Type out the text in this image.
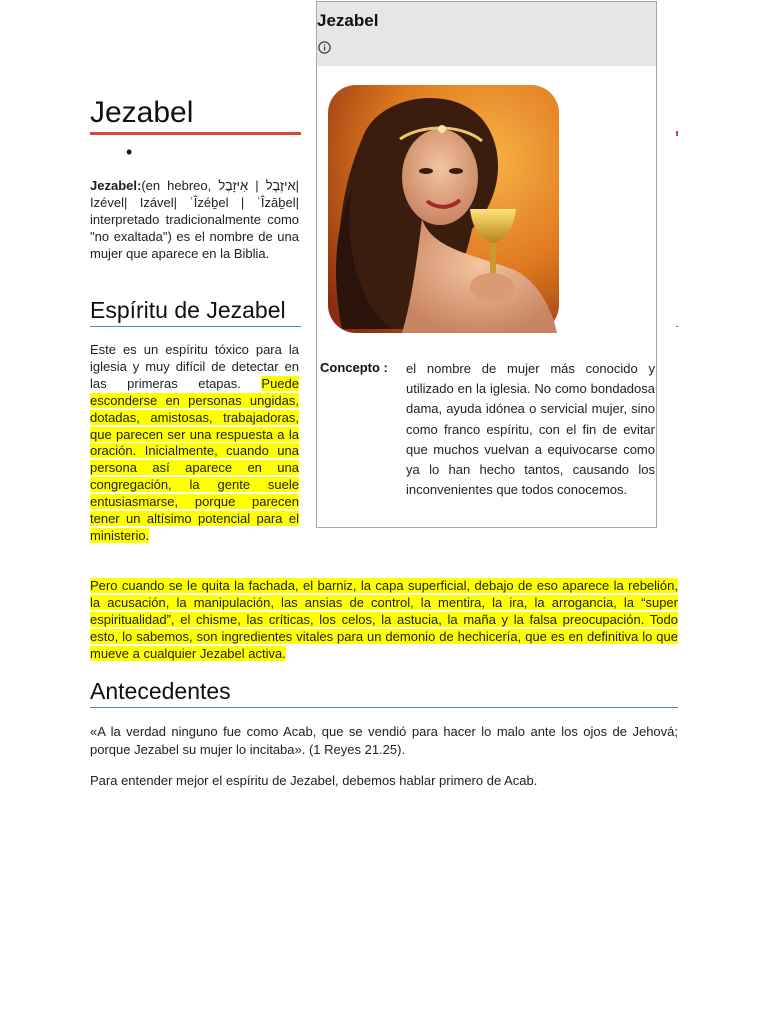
Jezabel
Concepto : el nombre de mujer más conocido y utilizado en la iglesia. No como bondadosa dama, ayuda idónea o servicial mujer, sino como franco espíritu, con el fin de evitar que muchos vuelvan a equivocarse como ya lo han hecho tantos, causando los inconvenientes que todos conocemos.
Jezabel
•
Jezabel:(en hebreo, איזֶבֶל | אִיזָבֶל| Izével| Izável| ʾÎzéḇel | ʾÎzāḇel| interpretado tradicionalmente como "no exaltada") es el nombre de una mujer que aparece en la Biblia.
Espíritu de Jezabel
Este es un espíritu tóxico para la iglesia y muy difícil de detectar en las primeras etapas. Puede esconderse en personas ungidas, dotadas, amistosas, trabajadoras, que parecen ser una respuesta a la oración. Inicialmente, cuando una persona así aparece en una congregación, la gente suele entusiasmarse, porque parecen tener un altísimo potencial para el ministerio.
Pero cuando se le quita la fachada, el barniz, la capa superficial, debajo de eso aparece la rebelión, la acusación, la manipulación, las ansias de control, la mentira, la ira, la arrogancia, la “super espiritualidad”, el chisme, las críticas, los celos, la astucia, la maña y la falsa preocupación. Todo esto, lo sabemos, son ingredientes vitales para un demonio de hechicería, que es en definitiva lo que mueve a cualquier Jezabel activa.
Antecedentes
«A la verdad ninguno fue como Acab, que se vendió para hacer lo malo ante los ojos de Jehová; porque Jezabel su mujer lo incitaba». (1 Reyes 21.25).
Para entender mejor el espíritu de Jezabel, debemos hablar primero de Acab.
